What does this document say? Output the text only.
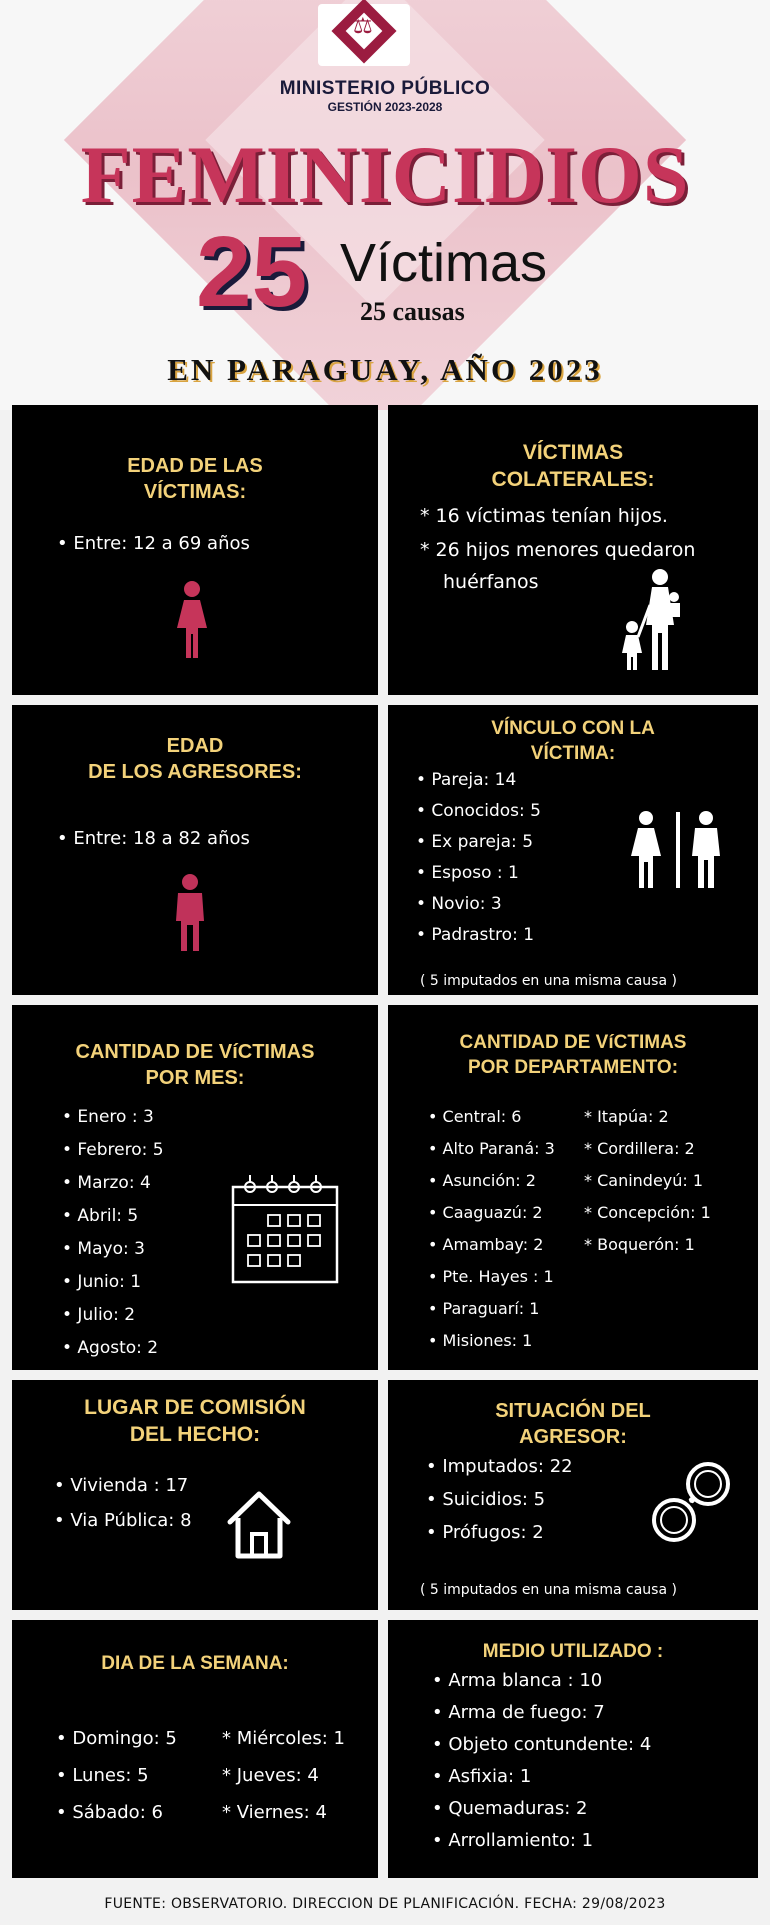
⚖
MINISTERIO PÚBLICO
GESTIÓN 2023-2028
FEMINICIDIOS
25 Víctimas
25 causas
EN PARAGUAY, AÑO 2023
EDAD DE LAS
VÍCTIMAS:
• Entre: 12 a 69 años
VÍCTIMAS
COLATERALES:
* 16 víctimas tenían hijos.
* 26 hijos menores quedaron
huérfanos
EDAD
DE LOS AGRESORES:
• Entre: 18 a 82 años
VÍNCULO CON LA
VÍCTIMA:
• Pareja: 14
• Conocidos: 5
• Ex pareja: 5
• Esposo : 1
• Novio: 3
• Padrastro: 1
( 5 imputados en una misma causa )
CANTIDAD DE VíCTIMAS
POR MES:
• Enero : 3
• Febrero: 5
• Marzo: 4
• Abril: 5
• Mayo: 3
• Junio: 1
• Julio: 2
• Agosto: 2
CANTIDAD DE VíCTIMAS
POR DEPARTAMENTO:
• Central: 6
• Alto Paraná: 3
• Asunción: 2
• Caaguazú: 2
• Amambay: 2
• Pte. Hayes : 1
• Paraguarí: 1
• Misiones: 1
* Itapúa: 2
* Cordillera: 2
* Canindeyú: 1
* Concepción: 1
* Boquerón: 1
LUGAR DE COMISIÓN
DEL HECHO:
• Vivienda : 17
• Via Pública: 8
SITUACIÓN DEL
AGRESOR:
• Imputados: 22
• Suicidios: 5
• Prófugos: 2
( 5 imputados en una misma causa )
DIA DE LA SEMANA:
• Domingo: 5
• Lunes: 5
• Sábado: 6
* Miércoles: 1
* Jueves: 4
* Viernes: 4
MEDIO UTILIZADO :
• Arma blanca : 10
• Arma de fuego: 7
• Objeto contundente: 4
• Asfixia: 1
• Quemaduras: 2
• Arrollamiento: 1
FUENTE: OBSERVATORIO. DIRECCION DE PLANIFICACIÓN. FECHA: 29/08/2023
